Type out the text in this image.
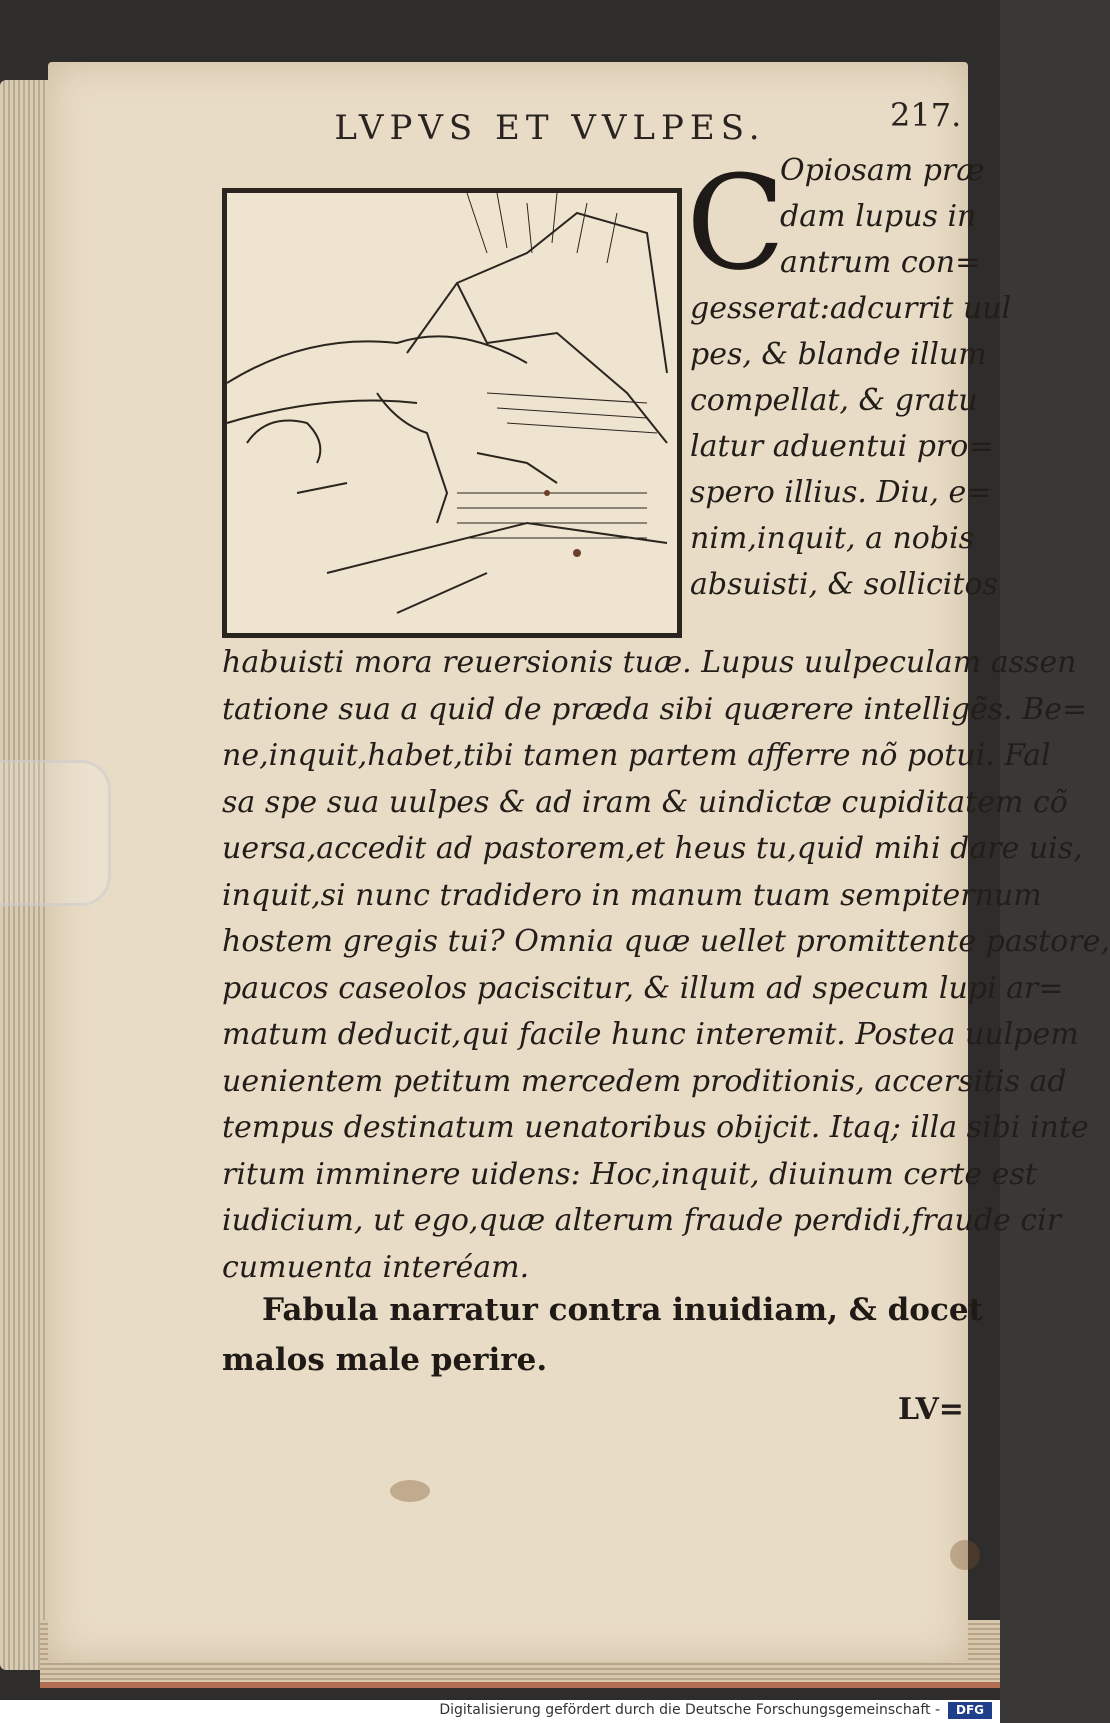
LVPVS ET VVLPES.	217.
C
Opiosam præ
dam lupus in
antrum con=
gesserat:adcurrit uul
pes, & blande illum
compellat, & gratu
latur aduentui pro=
spero illius. Diu, e=
nim,inquit, a nobis
absuisti, & sollicitos
habuisti mora reuersionis tuæ. Lupus uulpeculam assen
tatione sua a quid de præda sibi quærere intelligẽs. Be=
ne,inquit,habet,tibi tamen partem afferre nõ potui. Fal
sa spe sua uulpes & ad iram & uindictæ cupiditatem cõ
uersa,accedit ad pastorem,et heus tu,quid mihi dare uis,
inquit,si nunc tradidero in manum tuam sempiternum
hostem gregis tui? Omnia quæ uellet promittente pastore,
paucos caseolos paciscitur, & illum ad specum lupi ar=
matum deducit,qui facile hunc interemit. Postea uulpem
uenientem petitum mercedem proditionis, accersitis ad
tempus destinatum uenatoribus obijcit. Itaq; illa sibi inte
ritum imminere uidens: Hoc,inquit, diuinum certe est
iudicium, ut ego,quæ alterum fraude perdidi,fraude cir
cumuenta interéam.
Fabula narratur contra inuidiam, & docet
malos male perire.
LV=
Digitalisierung gefördert durch die Deutsche Forschungsgemeinschaft -	DFG
